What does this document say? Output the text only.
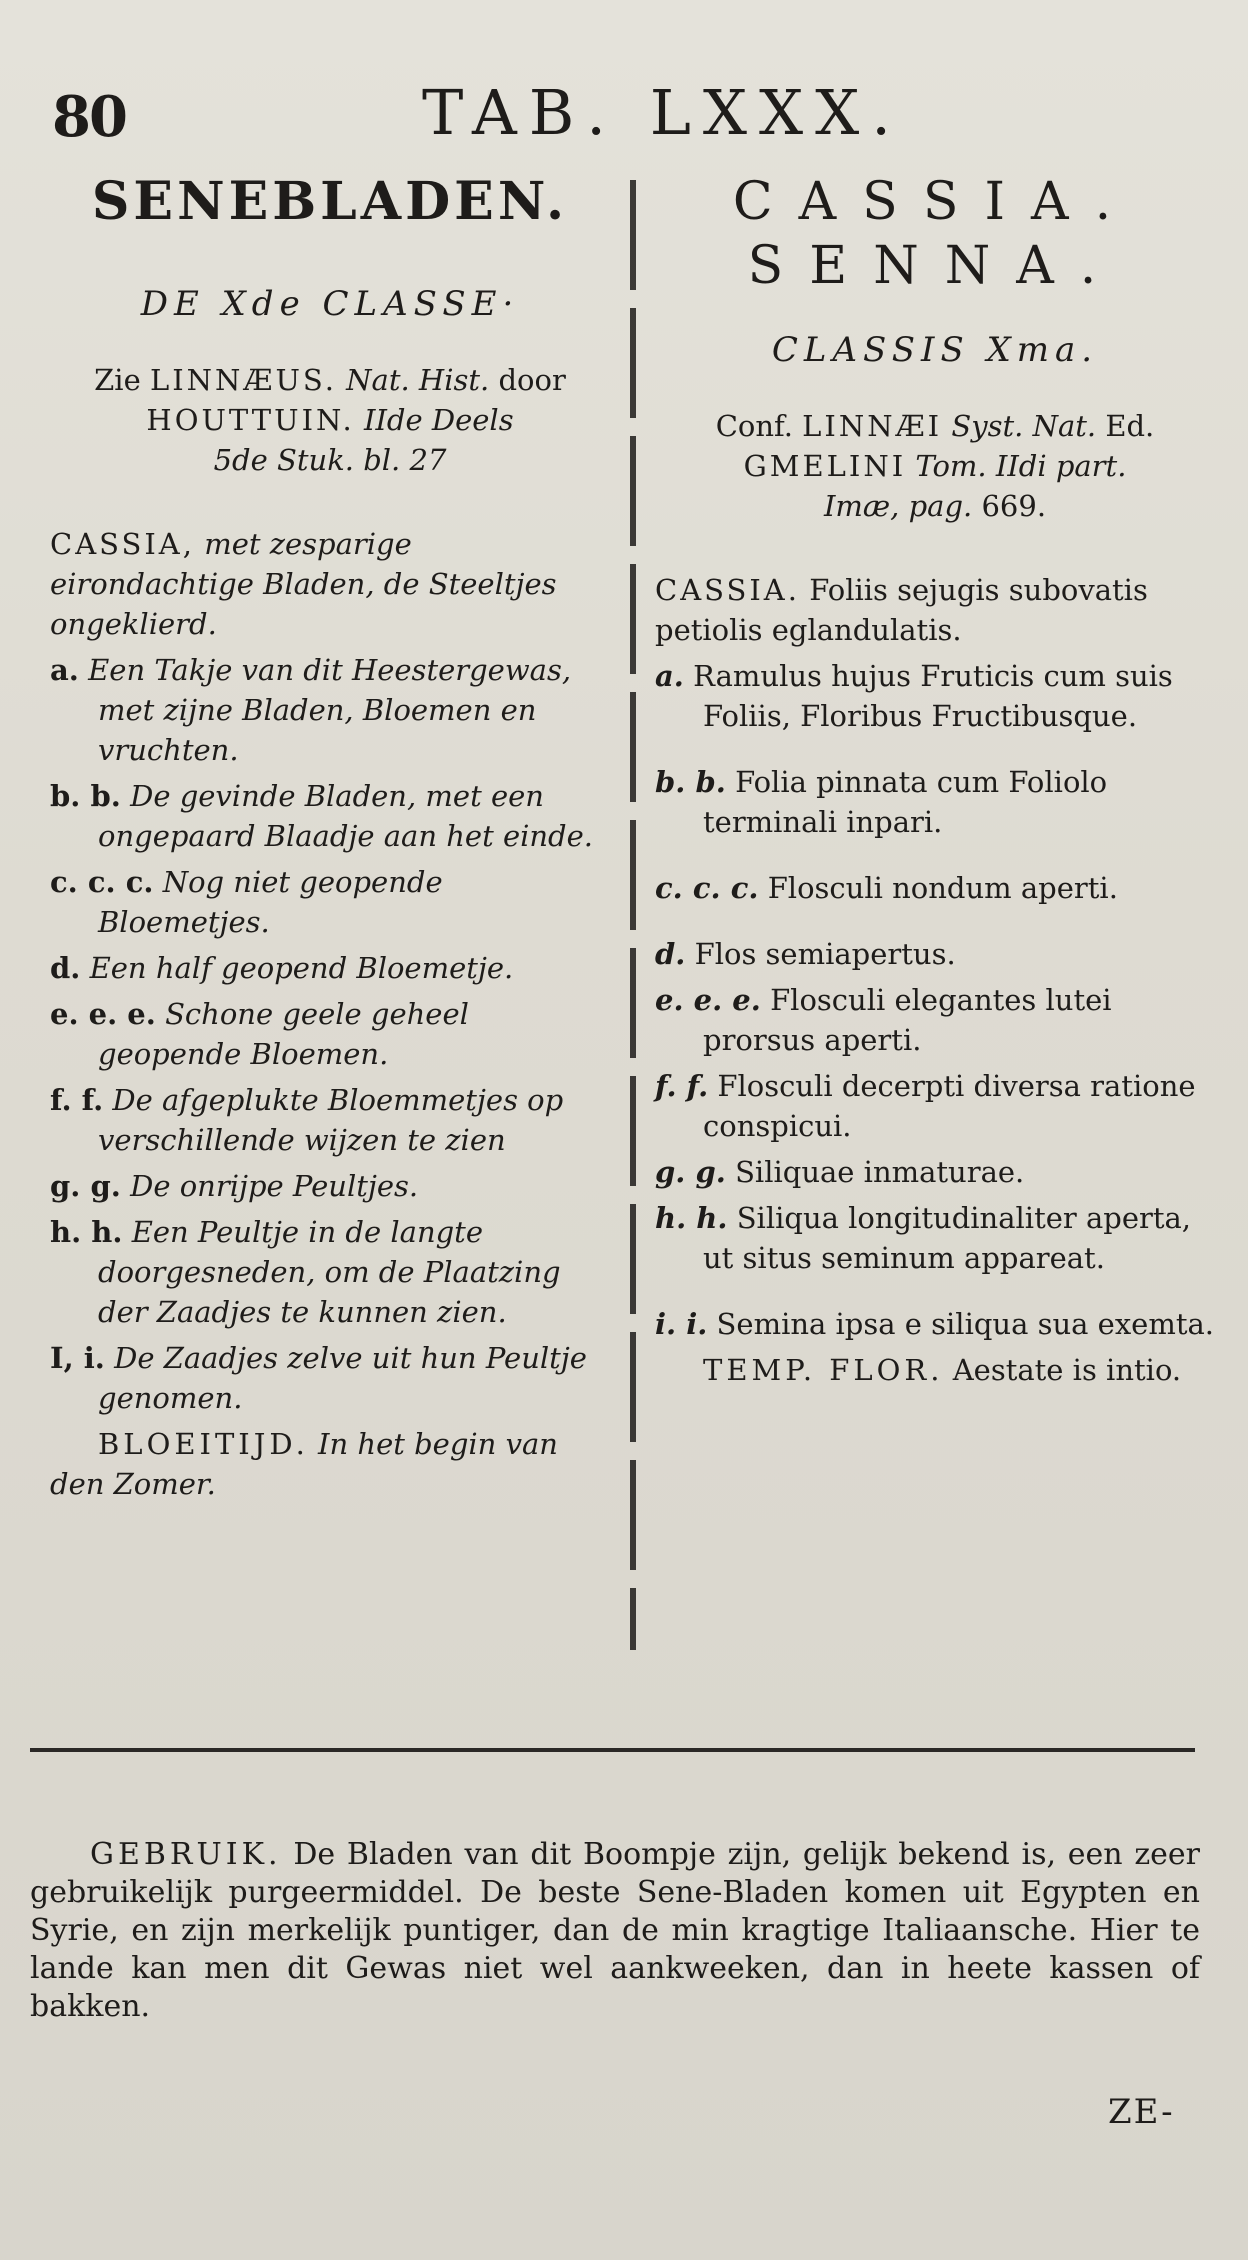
80	TAB. LXXX.

SENEBLADEN.

DE Xde CLASSE·
Zie LINNÆUS. Nat. Hist. door
HOUTTUIN. IIde Deels
5de Stuk. bl. 27
CASSIA, met zesparige eirondachtige Bladen, de Steeltjes ongeklierd.
a. Een Takje van dit Heestergewas, met zijne Bladen, Bloemen en vruchten.
b. b. De gevinde Bladen, met een ongepaard Blaadje aan het einde.
c. c. c. Nog niet geopende Bloemetjes.
d. Een half geopend Bloemetje.
e. e. e. Schone geele geheel geopende Bloemen.
f. f. De afgeplukte Bloemmetjes op verschillende wijzen te zien
g. g. De onrijpe Peultjes.
h. h. Een Peultje in de langte doorgesneden, om de Plaatzing der Zaadjes te kunnen zien.
I, i. De Zaadjes zelve uit hun Peultje genomen.
BLOEITIJD. In het begin van den Zomer.

CASSIA.

SENNA.

CLASSIS Xma.
Conf. LINNÆI Syst. Nat. Ed.
GMELINI Tom. IIdi part.
Imæ, pag. 669.
CASSIA. Foliis sejugis subovatis petiolis eglandulatis.
a. Ramulus hujus Fruticis cum suis Foliis, Floribus Fructibusque.
b. b. Folia pinnata cum Foliolo terminali inpari.
c. c. c. Flosculi nondum aperti.
d. Flos semiapertus.
e. e. e. Flosculi elegantes lutei prorsus aperti.
f. f. Flosculi decerpti diversa ratione conspicui.
g. g. Siliquae inmaturae.
h. h. Siliqua longitudinaliter aperta, ut situs seminum appareat.
i. i. Semina ipsa e siliqua sua exemta.
TEMP. FLOR. Aestate is intio.
GEBRUIK. De Bladen van dit Boompje zijn, gelijk bekend is, een zeer gebruikelijk purgeermiddel. De beste Sene-Bladen komen uit Egypten en Syrie, en zijn merkelijk puntiger, dan de min kragtige Italiaansche. Hier te lande kan men dit Gewas niet wel aankweeken, dan in heete kassen of bakken.
ZE-
